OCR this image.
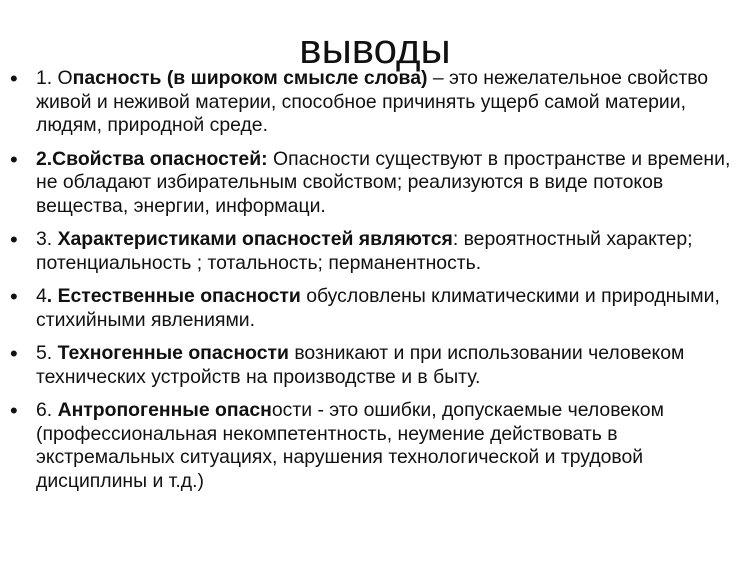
выводы
• 1. Опасность (в широком смысле слова) – это нежелательное свойство живой и неживой материи, способное причинять ущерб самой материи, людям, природной среде.
• 2.Свойства опасностей: Опасности существуют в пространстве и времени, не обладают избирательным свойством; реализуются в виде потоков вещества, энергии, информаци.
• 3. Характеристиками опасностей являются: вероятностный характер; потенциальность ; тотальность; перманентность.
• 4. Естественные опасности обусловлены климатическими и природными, стихийными явлениями.
• 5. Техногенные опасности возникают и при использовании человеком технических устройств на производстве и в быту.
• 6. Антропогенные опасности - это ошибки, допускаемые человеком (профессиональная некомпетентность, неумение действовать в экстремальных ситуациях, нарушения технологической и трудовой дисциплины и т.д.)
